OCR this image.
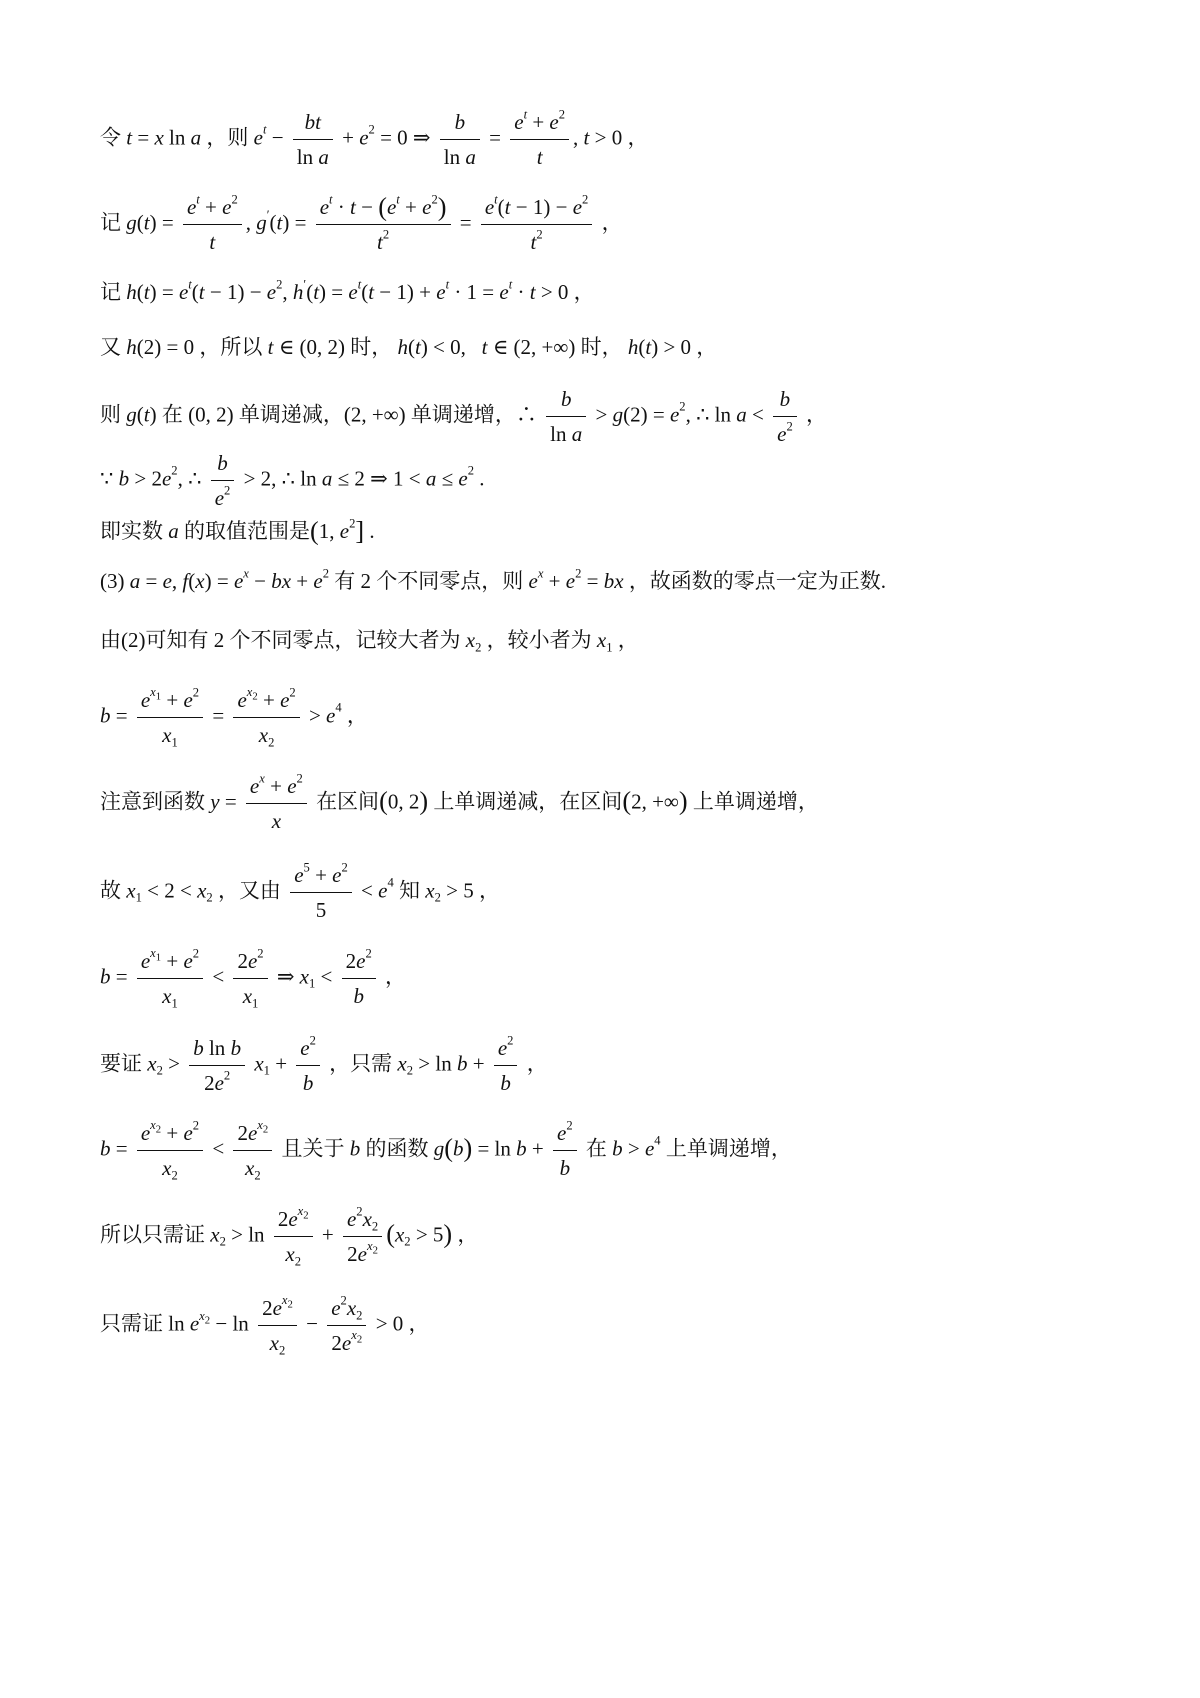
令 t = x ln a ，则 $e^t - \frac{bt}{\text{ln a}} + e^2 = 0$ ⇒ $\frac{b}{\text{ln a}} = \frac{e^t + e^2}{t}$ , t > 0 ，
记 $g(t) = \frac{e^t + e^2}{t}$ , $g'(t) = \frac{e^t \cdot t - (e^t + e^2)}{t^2} = \frac{e^t(t - 1) - e^2}{t^2}$ ，
记 $h(t) = e^t(t - 1) - e^2$, $h'(t) = e^t(t - 1) + e^t \cdot 1 = e^t \cdot t > 0$ ，
又 h(2) = 0 ，所以 t ∈ (0, 2) 时， h(t) < 0,   t ∈ (2, +∞) 时， h(t) > 0 ，
则 g(t) 在 (0, 2) 单调递减，(2, +∞) 单调递增，∴ $\frac{b}{\text{ln a}} > g(2) = e^2$, ∴ $\ln a < \frac{b}{e^2}$ ，
∵ $b > 2e^2$, ∴ $\frac{b}{e^2} > 2$, ∴ ln a ≤ 2 ⇒ $1 < a \le e^2$ .
即实数 a 的取值范围是(1, $e^2$] .
(3) a = e, $f(x) = e^x$ − bx + $e^2$ 有 2 个不同零点，则 $e^x + e^2$ = bx ，故函数的零点一定为正数.
由(2)可知有 2 个不同零点，记较大者为 $x_2$ ，较小者为 $x_1$ ，
$b = \frac{e^{x_1} + e^2}{x_1} = \frac{e^{x_2} + e^2}{x_2} > e^4$ ，
注意到函数 $y = \frac{e^x + e^2}{x}$ 在区间(0, 2) 上单调递减，在区间(2, +∞) 上单调递增，
故 $x_1 < 2 < x_2$ ，又由 $\frac{e^5 + e^2}{5} < e^4$ 知 $x_2 > 5$ ，
$b = \frac{e^{x_1} + e^2}{x_1} < \frac{2e^2}{x_1}$ ⇒ $x_1 < \frac{2e^2}{b}$ ，
要证 $x_2 > \frac{\text{b ln b}}{2e^2} x_1 + \frac{e^2}{b}$ ，只需 $x_2 > \ln b + \frac{e^2}{b}$ ，
$b = \frac{e^{x_2} + e^2}{x_2} < \frac{2e^{x_2}}{x_2}$ 且关于 b 的函数 $g(b) = \ln b + \frac{e^2}{b}$ 在 $b > e^4$ 上单调递增，
所以只需证 $x_2 > \ln \frac{2e^{x_2}}{x_2} + \frac{e^2x_2}{2e^{x_2}} (x_2 > 5)$ ，
只需证 $\ln e^{x_2} - \ln \frac{2e^{x_2}}{x_2} - \frac{e^2x_2}{2e^{x_2}} > 0$ ，
